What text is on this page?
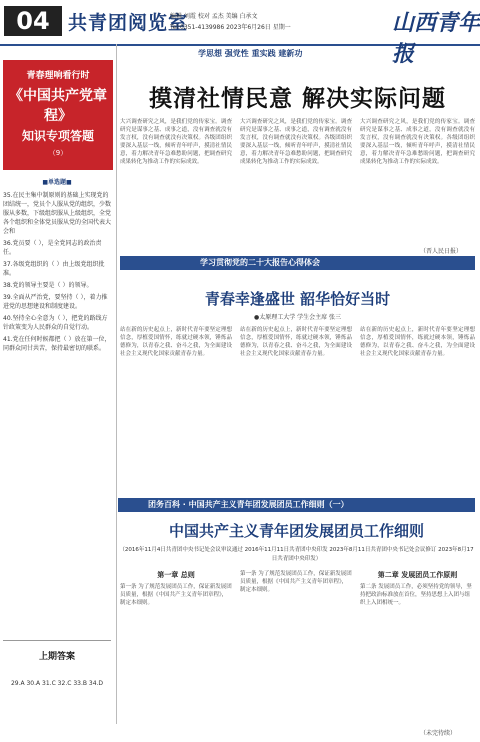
04 共青团阅览室
编辑 刘霞 校对 孟杰 美编 白承文
Tel:0351-4139986 2023年6月26日 星期一	山西青年报
青春理响看行时
《中国共产党章程》
知识专项答题
（9）

■单选题■

35.在民主集中制原则的基础上实现党的团结统一，党员个人服从党的组织，少数服从多数，下级组织服从上级组织，全党各个组织和全体党员服从党的全国代表大会和

36.党员要（ ），是全党同志的政治责任。

37.各级党组织的（ ）由上级党组织批准。

38.党的领导主要是（ ）的领导。

39.全面从严治党，要坚持（ ），着力推进党的思想建设和制度建设。

40.坚持全心全意为（ ），把党的路线方针政策变为人民群众的自觉行动。

41.党在任何时候都把（ ）放在第一位，同群众同甘共苦，保持最密切的联系。

上期答案
29.A 30.A 31.C 32.C 33.B 34.D
学思想 强党性 重实践 建新功
摸清社情民意 解决实际问题
大兴调查研究之风，是我们党的传家宝。调查研究是谋事之基、成事之道，没有调查就没有发言权，没有调查就没有决策权。各级团组织要深入基层一线，倾听青年呼声，摸清社情民意，着力解决青年急难愁盼问题，把调查研究成果转化为推动工作的实际成效。
大兴调查研究之风，是我们党的传家宝。调查研究是谋事之基、成事之道，没有调查就没有发言权，没有调查就没有决策权。各级团组织要深入基层一线，倾听青年呼声，摸清社情民意，着力解决青年急难愁盼问题，把调查研究成果转化为推动工作的实际成效。
大兴调查研究之风，是我们党的传家宝。调查研究是谋事之基、成事之道，没有调查就没有发言权，没有调查就没有决策权。各级团组织要深入基层一线，倾听青年呼声，摸清社情民意，着力解决青年急难愁盼问题，把调查研究成果转化为推动工作的实际成效。
（晋人民日报）
学习贯彻党的二十大报告心得体会
青春幸逢盛世 韶华恰好当时
●太原理工大学 学生会主席 张三
站在新的历史起点上，新时代青年要坚定理想信念，厚植爱国情怀，练就过硬本领，锤炼品德修为，以青春之我、奋斗之我，为全面建设社会主义现代化国家贡献青春力量。
站在新的历史起点上，新时代青年要坚定理想信念，厚植爱国情怀，练就过硬本领，锤炼品德修为，以青春之我、奋斗之我，为全面建设社会主义现代化国家贡献青春力量。
站在新的历史起点上，新时代青年要坚定理想信念，厚植爱国情怀，练就过硬本领，锤炼品德修为，以青春之我、奋斗之我，为全面建设社会主义现代化国家贡献青春力量。
团务百科 · 中国共产主义青年团发展团员工作细则（一）
中国共产主义青年团发展团员工作细则
（2016年11月4日共青团中央书记处会议审议通过 2016年11月11日共青团中央印发 2023年8月11日共青团中央书记处会议修订 2023年8月17日共青团中央印发）
第一章 总则
第一条 为了规范发展团员工作，保证新发展团员质量，根据《中国共产主义青年团章程》，制定本细则。
第一条 为了规范发展团员工作，保证新发展团员质量，根据《中国共产主义青年团章程》，制定本细则。
第二章 发展团员工作原则
第二条 发展团员工作，必须坚持党的领导，坚持把政治标准放在首位，坚持思想上入团与组织上入团相统一。
（未完待续）
